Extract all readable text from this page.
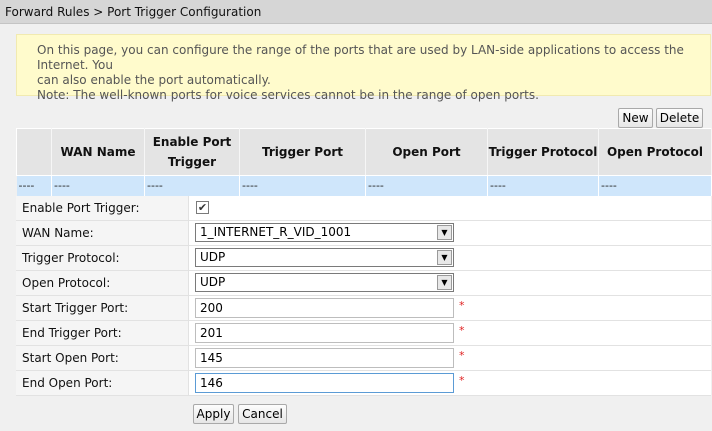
Forward Rules > Port Trigger Configuration

On this page, you can configure the range of the ports that are used by LAN-side applications to access the Internet. You

can also enable the port automatically.

Note: The well-known ports for voice services cannot be in the range of open ports.

New Delete
	WAN Name	Enable Port Trigger	Trigger Port	Open Port	Trigger Protocol	Open Protocol
----	----	----	----	----	----	----
Enable Port Trigger:	✔
WAN Name:	1_INTERNET_R_VID_1001	▼
Trigger Protocol:	UDP	▼
Open Protocol:	UDP	▼
Start Trigger Port:
200	*
End Trigger Port:
201	*
Start Open Port:
145	*
End Open Port:
146	*
Apply Cancel
